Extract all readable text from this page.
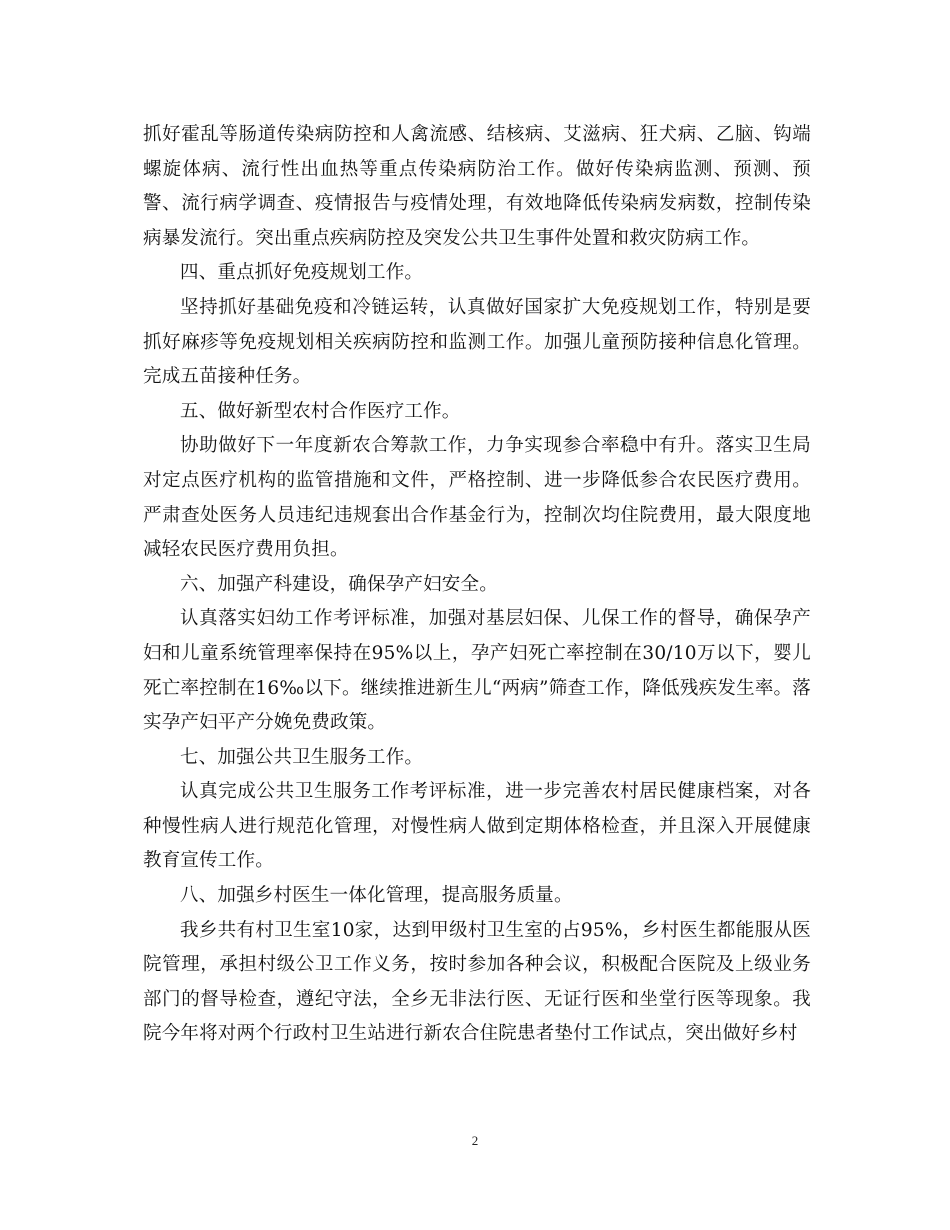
抓好霍乱等肠道传染病防控和人禽流感、结核病、艾滋病、狂犬病、乙脑、钩端螺旋体病、流行性出血热等重点传染病防治工作。做好传染病监测、预测、预警、流行病学调查、疫情报告与疫情处理，有效地降低传染病发病数，控制传染病暴发流行。突出重点疾病防控及突发公共卫生事件处置和救灾防病工作。

四、重点抓好免疫规划工作。

坚持抓好基础免疫和冷链运转，认真做好国家扩大免疫规划工作，特别是要抓好麻疹等免疫规划相关疾病防控和监测工作。加强儿童预防接种信息化管理。完成五苗接种任务。

五、做好新型农村合作医疗工作。

协助做好下一年度新农合筹款工作，力争实现参合率稳中有升。落实卫生局对定点医疗机构的监管措施和文件，严格控制、进一步降低参合农民医疗费用。严肃查处医务人员违纪违规套出合作基金行为，控制次均住院费用，最大限度地减轻农民医疗费用负担。

六、加强产科建设，确保孕产妇安全。

认真落实妇幼工作考评标准，加强对基层妇保、儿保工作的督导，确保孕产妇和儿童系统管理率保持在95%以上，孕产妇死亡率控制在30/10万以下，婴儿死亡率控制在16‰以下。继续推进新生儿“两病”筛查工作，降低残疾发生率。落实孕产妇平产分娩免费政策。

七、加强公共卫生服务工作。

认真完成公共卫生服务工作考评标准，进一步完善农村居民健康档案，对各种慢性病人进行规范化管理，对慢性病人做到定期体格检查，并且深入开展健康教育宣传工作。

八、加强乡村医生一体化管理，提高服务质量。

我乡共有村卫生室10家，达到甲级村卫生室的占95%，乡村医生都能服从医院管理，承担村级公卫工作义务，按时参加各种会议，积极配合医院及上级业务部门的督导检查，遵纪守法，全乡无非法行医、无证行医和坐堂行医等现象。我院今年将对两个行政村卫生站进行新农合住院患者垫付工作试点，突出做好乡村

2
